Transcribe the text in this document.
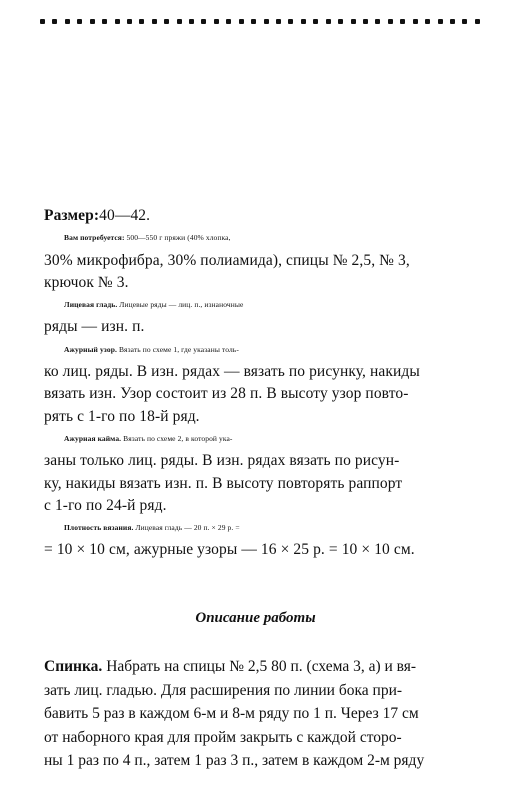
Размер:40—42.
Вам потребуется: 500—550 г пряжи (40% хлопка,
30% микрофибра, 30% полиамида), спицы № 2,5, № 3,
крючок № 3.
Лицевая гладь. Лицевые ряды — лиц. п., изнаночные
ряды — изн. п.
Ажурный узор. Вязать по схеме 1, где указаны толь-
ко лиц. ряды. В изн. рядах — вязать по рисунку, накиды
вязать изн. Узор состоит из 28 п. В высоту узор повто-
рять с 1-го по 18-й ряд.
Ажурная кайма. Вязать по схеме 2, в которой ука-
заны только лиц. ряды. В изн. рядах вязать по рисун-
ку, накиды вязать изн. п. В высоту повторять раппорт
с 1-го по 24-й ряд.
Плотность вязания. Лицевая гладь — 20 п. × 29 р. =
= 10 × 10 см, ажурные узоры — 16 × 25 р. = 10 × 10 см.
Описание работы
Спинка. Набрать на спицы № 2,5 80 п. (схема 3, а) и вя-
зать лиц. гладью. Для расширения по линии бока при-
бавить 5 раз в каждом 6-м и 8-м ряду по 1 п. Через 17 см
от наборного края для пройм закрыть с каждой сторо-
ны 1 раз по 4 п., затем 1 раз 3 п., затем в каждом 2-м ряду
